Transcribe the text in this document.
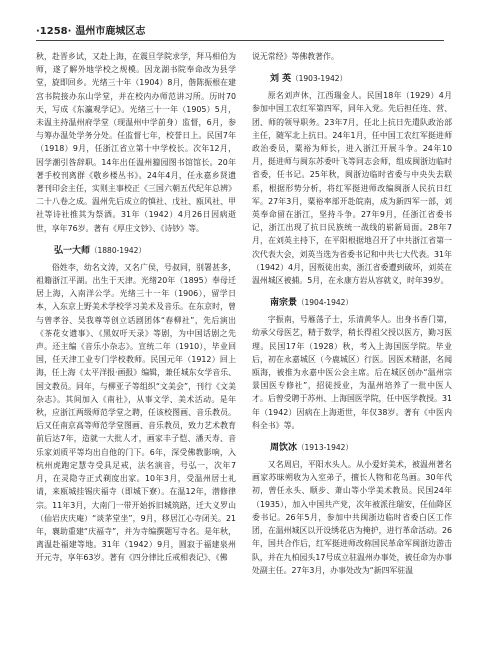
·1258· 温州市鹿城区志

秋，赴晋乡试，又赴上海，在震旦学院求学，拜马相伯为师，遂了解外地学校之规模。因龙湖书院奉命改为县学堂，旋即回乡。光绪三十年（1904）8月，偕陈振根在建宫书院接办东山学堂，并在校内办师范讲习所。历时70天，写成《东瀛观学记》。光绪三十一年（1905）5月，未温主持温州府学堂（现温州中学前身）监督，6月，参与筹办温处学务分处。任监督七年，校誉日上。民国7年（1918）9月，任浙江省立第十中学校长。次年12月，因学潮引咎辞职。14年出任温州籀园图书馆馆长。20年著手校刊离群《敬乡楼丛书》。24年4月，任永嘉乡贤遗著刊印会主任，实则主事校正《三国六朝五代纪年总辨》二十八卷之成。温州先后成立的慎社、戊社、瓯风社、甲社等诗社推其为祭酒。31年（1942）4月26日因病逝世，享年76岁。著有《厚庄文钞》、《诗钞》等。

弘一大师（1880-1942）

俗姓李，幼名文涛，又名广侯，号叔同，别署甚多，祖籍浙江平湖。出生于天津。光绪20年（1895）奉母迁居上海，入南洋公学。光绪三十一年（1906），留学日本，入东京上野美术学校学习美术及音乐。在东京时，曾与曾孝谷、吴我尊等创立话剧团体“春柳社”，先后演出《茶花女遗事》、《黑奴吁天录》等剧，为中国话剧之先声。还主编《音乐小杂志》。宣统二年（1910），毕业回国，任天津工业专门学校教师。民国元年（1912）回上海，任上海《太平洋报·画报》编辑，兼任城东女学音乐、国文教员。同年，与柳亚子等组织“文美会”，刊行《文美杂志》。其间加入《南社》，从事文学、美术活动。是年秋，应浙江两级师范学堂之聘，任该校图画、音乐教员。后又任南京高等师范学堂图画、音乐教员，致力艺术教育前后达7年，造就一大批人才，画家丰子恺、潘天寿、音乐家刘质平等均出自他的门下。6年，深受佛教影响，入杭州虎跑定慧寺受具足戒，法名演音，号弘一，次年7月，在灵隐寺正式剃度出家。10年3月，受温州居士礼请，来瓯城挂锡庆福寺（即城下寮）。在温12年，潜修律宗。11年3月，大南门一带开始拆旧城筑路，迁大义罗山（仙岩庆庆庵）“谈茅堂坐”，9月，移居江心寺闭关。21年，襄助重建“庆福寺”，并为寺编撰题写寺名。是年秋，离温赴福建等地。31年（1942）9月，圆寂于福建泉州开元寺，享年63岁。著有《四分律比丘戒相表记》、《佛

说无常经》等佛教著作。

刘 英（1903-1942）

原名刘声休，江西瑞金人。民国18年（1929）4月参加中国工农红军第四军，同年入党。先后担任连、营、团、师的领导职务。23年7月，任北上抗日先遣队政治部主任，随军北上抗日。24年1月，任中国工农红军挺进师政治委员，粟裕为师长，进入浙江开展斗争。24年10月，挺进师与闽东苏委叶飞等同志会师，组成闽浙边临时省委，任书记。25年秋，闽浙边临时省委与中央失去联系，根据形势分析，将红军挺进师改编闽浙人民抗日红军。27年3月，粟裕率部开赴皖南，成为新四军一部，刘英奉命留在浙江，坚持斗争。27年9月，任浙江省委书记，浙江出现了抗日民族统一战线的崭新局面。28年7月，在刘英主持下，在平阳根据地召开了中共浙江省第一次代表大会，刘英当选为省委书记和中共七大代表。31年（1942）4月，因叛徒出卖，浙江省委遭到破坏，刘英在温州城区被捕。5月，在永康方岩从容就义，时年39岁。

南宗景（1904-1942）

字振南，号雁荡子士，乐清黄华人。出身书香门第，幼承父母医艺，精于数学，稍长得祖父授以医方，勤习医理。民国17年（1928）秋，考入上海国医学院。毕业后，初在永嘉城区（今鹿城区）行医。因医术精湛，名闻瓯海，被推为永嘉中医公会主席。后在城区创办“温州宗景国医专修社”，招徒授业，为温州培养了一批中医人才。后曾受聘于苏州、上海国医学院，任中医学教授。31年（1942）因病在上海逝世，年仅38岁。著有《中医内科全书》等。

周饮冰（1913-1942）

又名周启，平阳水头人。从小爱好美术，被温州著名画家苏昧朔收为入室弟子，擅长人物和花鸟画。30年代初，曾任永头、顺步、萧山等小学美术教员。民国24年（1935），加入中国共产党，次年被派往瑞安，任仙降区委书记。26年5月，参加中共闽浙边临时省委白区工作团，在温州城区以开设绣花店为掩护，进行革命活动。26年，国共合作后，红军挺进师改称国民革命军闽浙边游击队，并在九柏园头17号成立驻温州办事处，被任命为办事处副主任。27年3月，办事处改为“新四军驻温
